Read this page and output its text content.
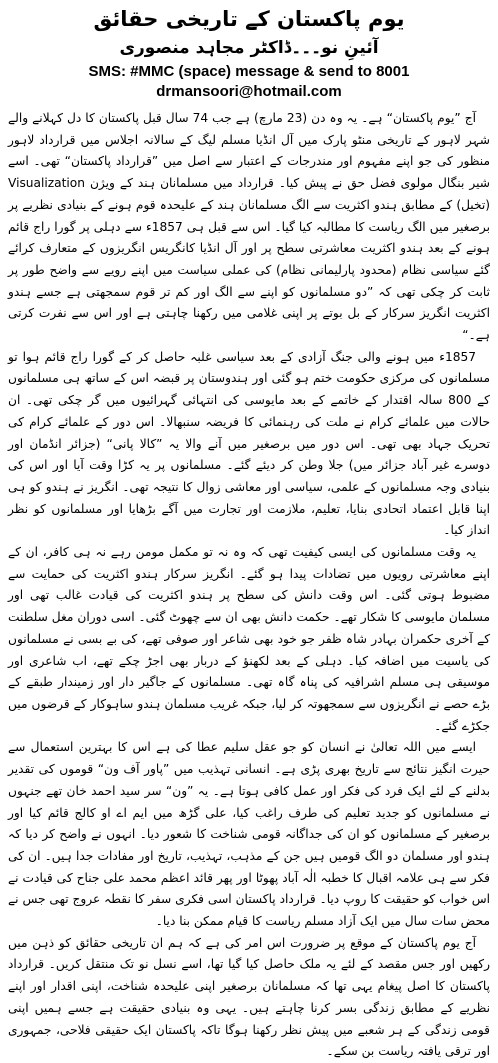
یوم پاکستان کے تاریخی حقائق
آئینِ نو۔۔۔ڈاکٹر مجاہد منصوری
SMS: #MMC (space) message & send to 8001
drmansoori@hotmail.com

آج ”یوم پاکستان“ ہے۔ یہ وہ دن (23 مارچ) ہے جب 74 سال قبل پاکستان کا دل کہلانے والے شہر لاہور کے تاریخی منٹو پارک میں آل انڈیا مسلم لیگ کے سالانہ اجلاس میں قرارداد لاہور منظور کی جو اپنے مفہوم اور مندرجات کے اعتبار سے اصل میں ”قرارداد پاکستان“ تھی۔ اسے شیر بنگال مولوی فضل حق نے پیش کیا۔ قرارداد میں مسلمانان ہند کے ویژن Visualization (تخیل) کے مطابق ہندو اکثریت سے الگ مسلمانان ہند کے علیحدہ قوم ہونے کے بنیادی نظریے پر برصغیر میں الگ ریاست کا مطالبہ کیا گیا۔ اس سے قبل ہی 1857ء سے دہلی پر گورا راج قائم ہونے کے بعد ہندو اکثریت معاشرتی سطح پر اور آل انڈیا کانگریس انگریزوں کے متعارف کرائے گئے سیاسی نظام (محدود پارلیمانی نظام) کی عملی سیاست میں اپنے رویے سے واضح طور پر ثابت کر چکی تھی کہ ”دو مسلمانوں کو اپنے سے الگ اور کم تر قوم سمجھتی ہے جسے ہندو اکثریت انگریز سرکار کے بل بوتے پر اپنی غلامی میں رکھنا چاہتی ہے اور اس سے نفرت کرتی ہے۔“

1857ء میں ہونے والی جنگ آزادی کے بعد سیاسی غلبہ حاصل کر کے گورا راج قائم ہوا تو مسلمانوں کی مرکزی حکومت ختم ہو گئی اور ہندوستان پر قبضہ اس کے ساتھ ہی مسلمانوں کے 800 سالہ اقتدار کے خاتمے کے بعد مایوسی کی انتہائی گہرائیوں میں گر چکی تھی۔ ان حالات میں علمائے کرام نے ملت کی رہنمائی کا فریضہ سنبھالا۔ اس دور کے علمائے کرام کی تحریک جہاد بھی تھی۔ اس دور میں برصغیر میں آنے والا یہ ”کالا پانی“ (جزائر انڈمان اور دوسرے غیر آباد جزائر میں) جلا وطن کر دیئے گئے۔ مسلمانوں پر یہ کڑا وقت آیا اور اس کی بنیادی وجہ مسلمانوں کے علمی، سیاسی اور معاشی زوال کا نتیجہ تھی۔ انگریز نے ہندو کو ہی اپنا قابل اعتماد اتحادی بنایا، تعلیم، ملازمت اور تجارت میں آگے بڑھایا اور مسلمانوں کو نظر انداز کیا۔

یہ وقت مسلمانوں کی ایسی کیفیت تھی کہ وہ نہ تو مکمل مومن رہے نہ ہی کافر، ان کے اپنے معاشرتی رویوں میں تضادات پیدا ہو گئے۔ انگریز سرکار ہندو اکثریت کی حمایت سے مضبوط ہوتی گئی۔ اس وقت دانش کی سطح پر ہندو اکثریت کی قیادت غالب تھی اور مسلمان مایوسی کا شکار تھے۔ حکمت دانش بھی ان سے چھوٹ گئی۔ اسی دوران مغل سلطنت کے آخری حکمران بہادر شاہ ظفر جو خود بھی شاعر اور صوفی تھے، کی بے بسی نے مسلمانوں کی یاسیت میں اضافہ کیا۔ دہلی کے بعد لکھنؤ کے دربار بھی اجڑ چکے تھے، اب شاعری اور موسیقی ہی مسلم اشرافیہ کی پناہ گاہ تھی۔ مسلمانوں کے جاگیر دار اور زمیندار طبقے کے بڑے حصے نے انگریزوں سے سمجھوتہ کر لیا، جبکہ غریب مسلمان ہندو ساہوکار کے قرضوں میں جکڑے گئے۔

ایسے میں اللہ تعالیٰ نے انسان کو جو عقل سلیم عطا کی ہے اس کا بہترین استعمال سے حیرت انگیز نتائج سے تاریخ بھری پڑی ہے۔ انسانی تہذیب میں ”پاور آف ون“ قوموں کی تقدیر بدلنے کے لئے ایک فرد کی فکر اور عمل کافی ہوتا ہے۔ یہ ”ون“ سر سید احمد خان تھے جنہوں نے مسلمانوں کو جدید تعلیم کی طرف راغب کیا، علی گڑھ میں ایم اے او کالج قائم کیا اور برصغیر کے مسلمانوں کو ان کی جداگانہ قومی شناخت کا شعور دیا۔ انہوں نے واضح کر دیا کہ ہندو اور مسلمان دو الگ قومیں ہیں جن کے مذہب، تہذیب، تاریخ اور مفادات جدا ہیں۔ ان کی فکر سے ہی علامہ اقبال کا خطبہ الٰہ آباد پھوٹا اور پھر قائد اعظم محمد علی جناح کی قیادت نے اس خواب کو حقیقت کا روپ دیا۔ قرارداد پاکستان اسی فکری سفر کا نقطہ عروج تھی جس نے محض سات سال میں ایک آزاد مسلم ریاست کا قیام ممکن بنا دیا۔

آج یوم پاکستان کے موقع پر ضرورت اس امر کی ہے کہ ہم ان تاریخی حقائق کو ذہن میں رکھیں اور جس مقصد کے لئے یہ ملک حاصل کیا گیا تھا، اسے نسل نو تک منتقل کریں۔ قرارداد پاکستان کا اصل پیغام یہی تھا کہ مسلمانان برصغیر اپنی علیحدہ شناخت، اپنی اقدار اور اپنے نظریے کے مطابق زندگی بسر کرنا چاہتے ہیں۔ یہی وہ بنیادی حقیقت ہے جسے ہمیں اپنی قومی زندگی کے ہر شعبے میں پیش نظر رکھنا ہوگا تاکہ پاکستان ایک حقیقی فلاحی، جمہوری اور ترقی یافتہ ریاست بن سکے۔
